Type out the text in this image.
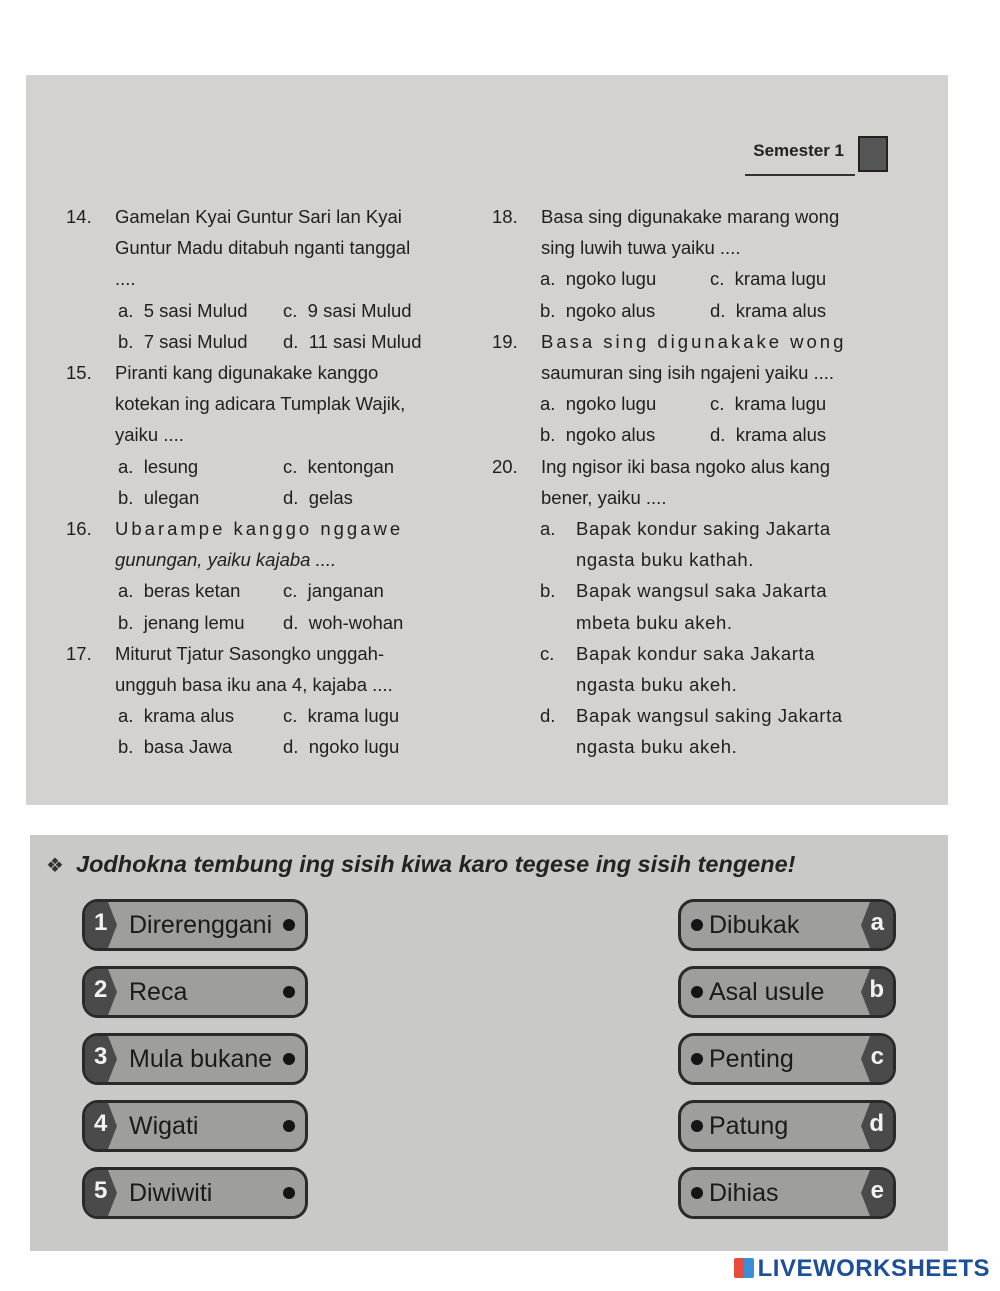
Semester 1
14. Gamelan Kyai Guntur Sari lan Kyai
Guntur Madu ditabuh nganti tanggal
....
a.  5 sasi Mulud	c.  9 sasi Mulud
b.  7 sasi Mulud	d.  11 sasi Mulud
15. Piranti kang digunakake kanggo
kotekan ing adicara Tumplak Wajik,
yaiku ....
a.  lesung	c.  kentongan
b.  ulegan	d.  gelas
16. Ubarampe kanggo nggawe
gunungan, yaiku kajaba ....
a.  beras ketan	c.  janganan
b.  jenang lemu	d.  woh-wohan
17. Miturut Tjatur Sasongko unggah-
ungguh basa iku ana 4, kajaba ....
a.  krama alus	c.  krama lugu
b.  basa Jawa	d.  ngoko lugu
18. Basa sing digunakake marang wong
sing luwih tuwa yaiku ....
a.  ngoko lugu	c.  krama lugu
b.  ngoko alus	d.  krama alus
19. Basa sing digunakake wong
saumuran sing isih ngajeni yaiku ....
a.  ngoko lugu	c.  krama lugu
b.  ngoko alus	d.  krama alus
20. Ing ngisor iki basa ngoko alus kang
bener, yaiku ....
a.	Bapak kondur saking Jakarta
ngasta buku kathah.
b.	Bapak wangsul saka Jakarta
mbeta buku akeh.
c.	Bapak kondur saka Jakarta
ngasta buku akeh.
d.	Bapak wangsul saking Jakarta
ngasta buku akeh.
❖ Jodhokna tembung ing sisih kiwa karo tegese ing sisih tengene!
1 Direrenggani
2 Reca
3 Mula bukane
4 Wigati
5 Diwiwiti
Dibukak	a
Asal usule b
Penting	c
Patung	d
Dihias	e
LIVEWORKSHEETS
